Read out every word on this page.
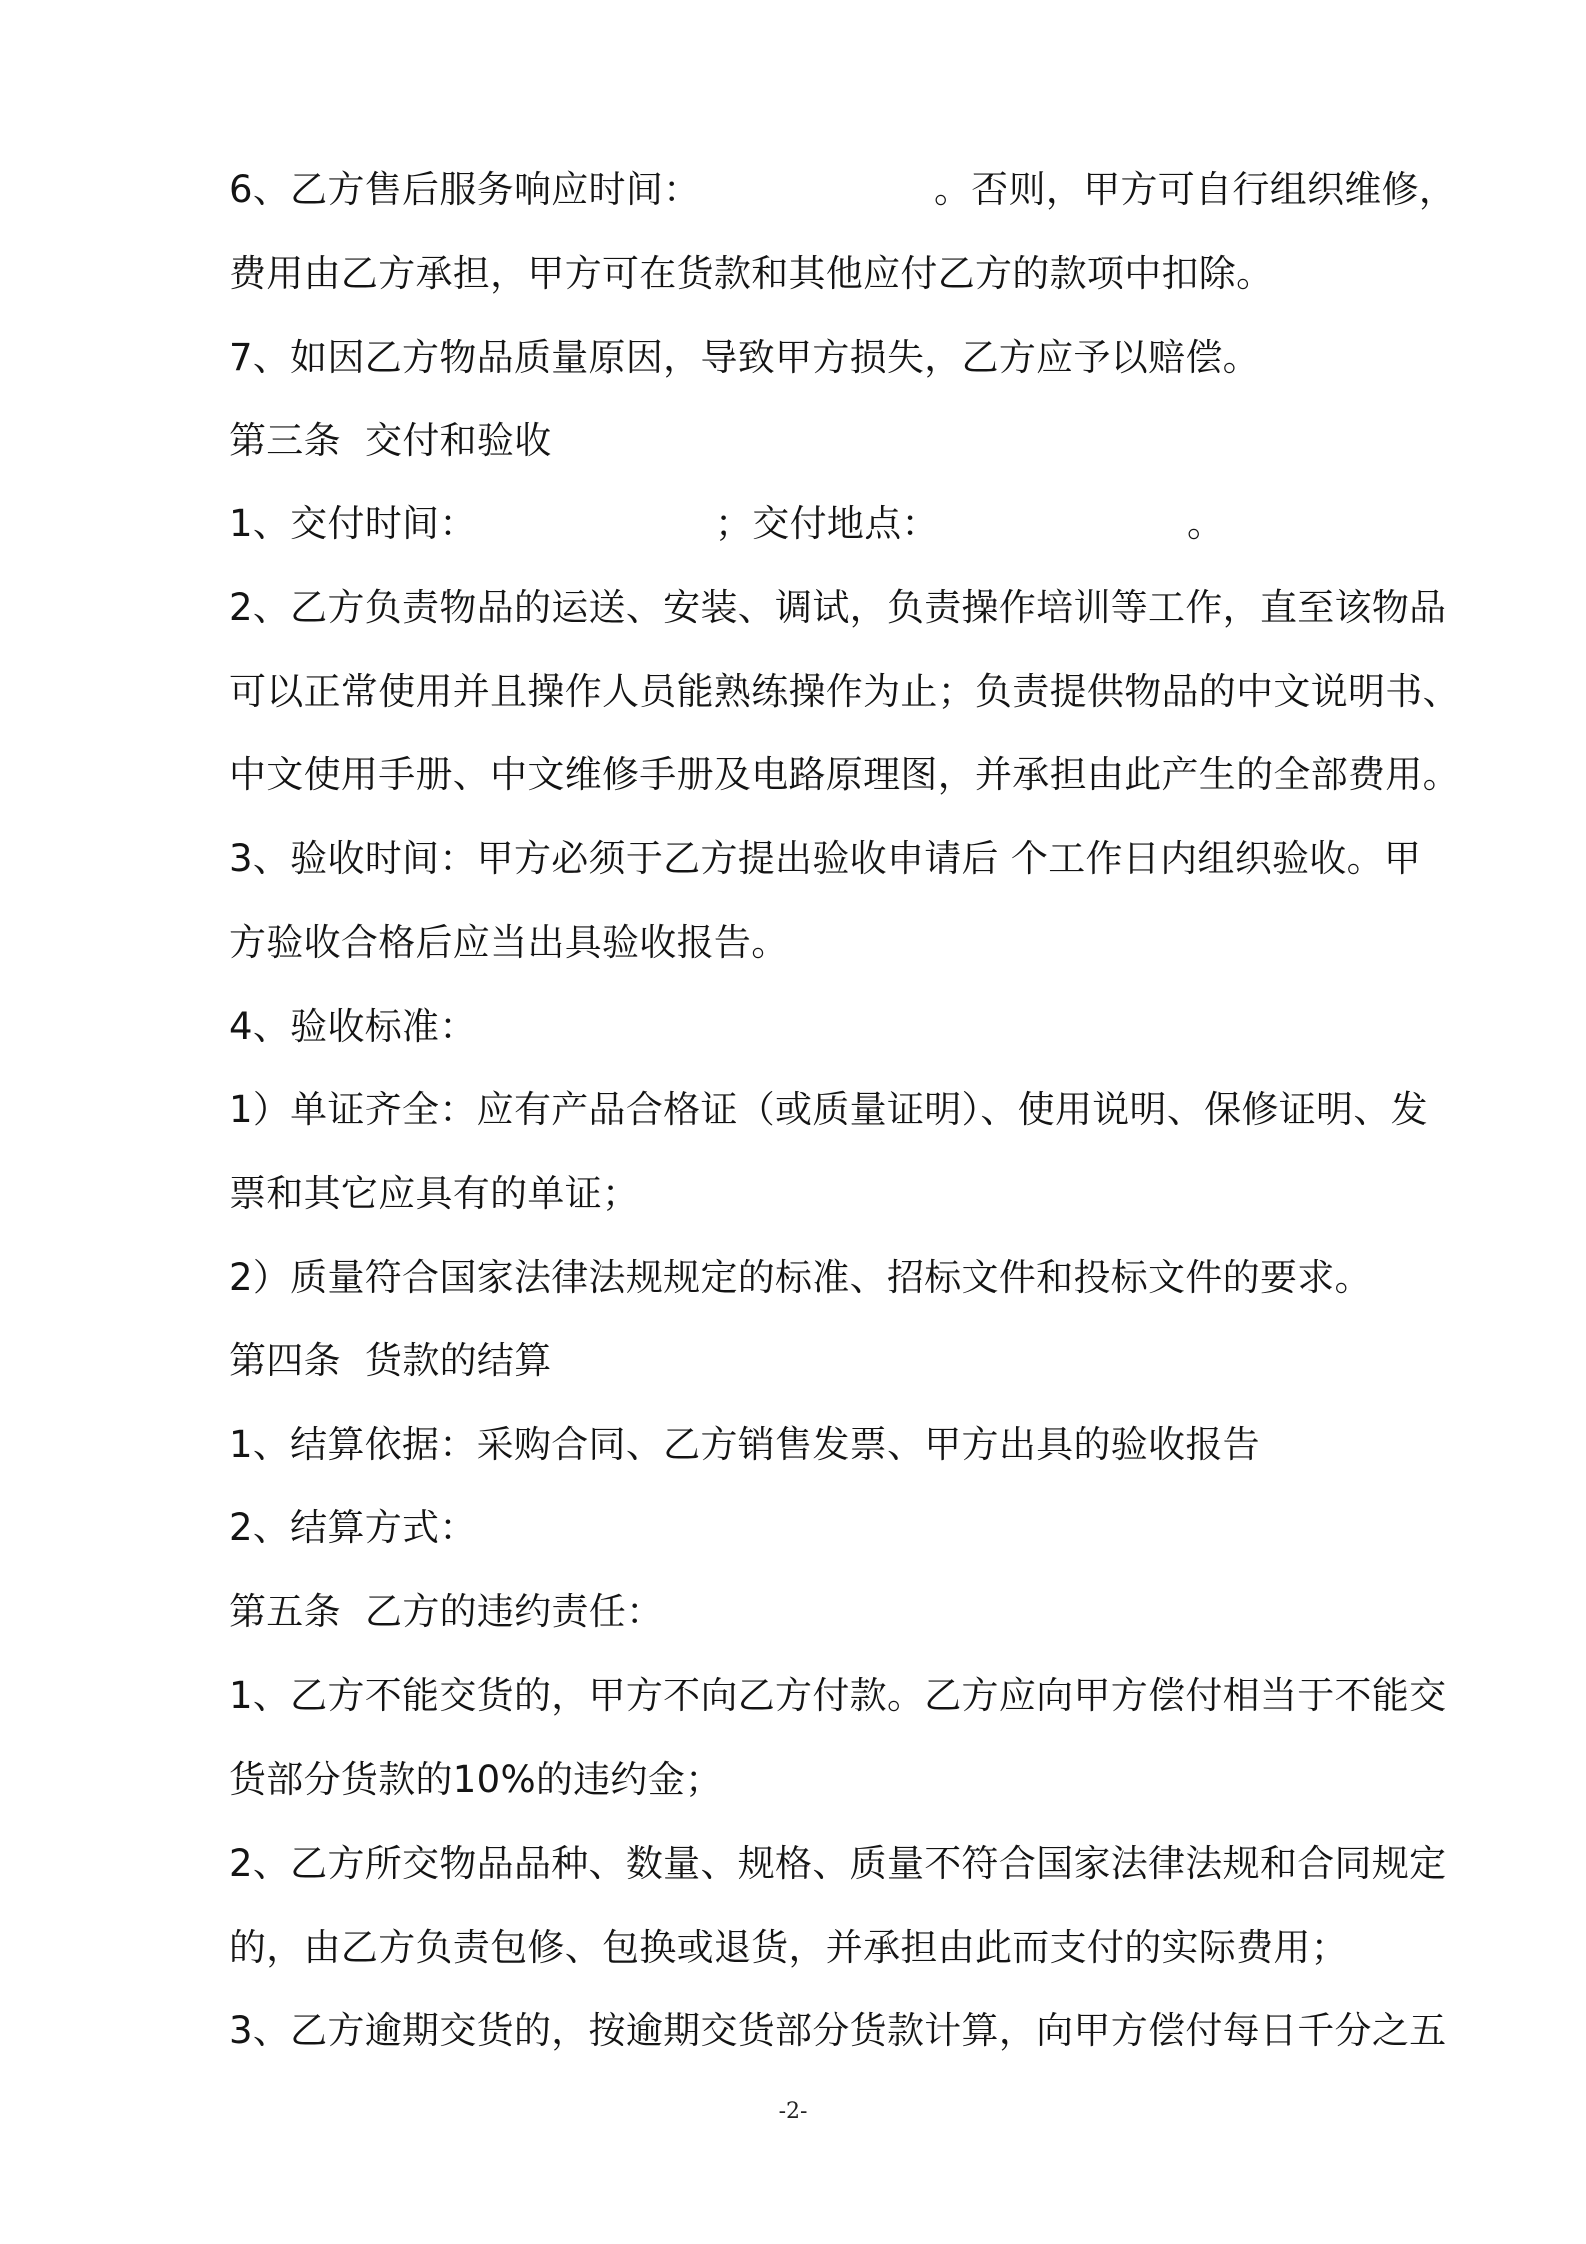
6、乙方售后服务响应时间：

	。否则，甲方可自行组织维修，

费用由乙方承担，甲方可在货款和其他应付乙方的款项中扣除。

7、如因乙方物品质量原因，导致甲方损失，乙方应予以赔偿。

第三条  交付和验收

1、交付时间：

	；交付地点：

	。

2、乙方负责物品的运送、安装、调试，负责操作培训等工作，直至该物品

可以正常使用并且操作人员能熟练操作为止；负责提供物品的中文说明书、

中文使用手册、中文维修手册及电路原理图，并承担由此产生的全部费用。

3、验收时间：甲方必须于乙方提出验收申请后 个工作日内组织验收。甲

方验收合格后应当出具验收报告。

4、验收标准：

1）单证齐全：应有产品合格证（或质量证明）、使用说明、保修证明、发

票和其它应具有的单证；

2）质量符合国家法律法规规定的标准、招标文件和投标文件的要求。

第四条  货款的结算

1、结算依据：采购合同、乙方销售发票、甲方出具的验收报告

2、结算方式：

第五条  乙方的违约责任：

1、乙方不能交货的，甲方不向乙方付款。乙方应向甲方偿付相当于不能交

货部分货款的10%的违约金；

2、乙方所交物品品种、数量、规格、质量不符合国家法律法规和合同规定

的，由乙方负责包修、包换或退货，并承担由此而支付的实际费用；

3、乙方逾期交货的，按逾期交货部分货款计算，向甲方偿付每日千分之五

-2-
